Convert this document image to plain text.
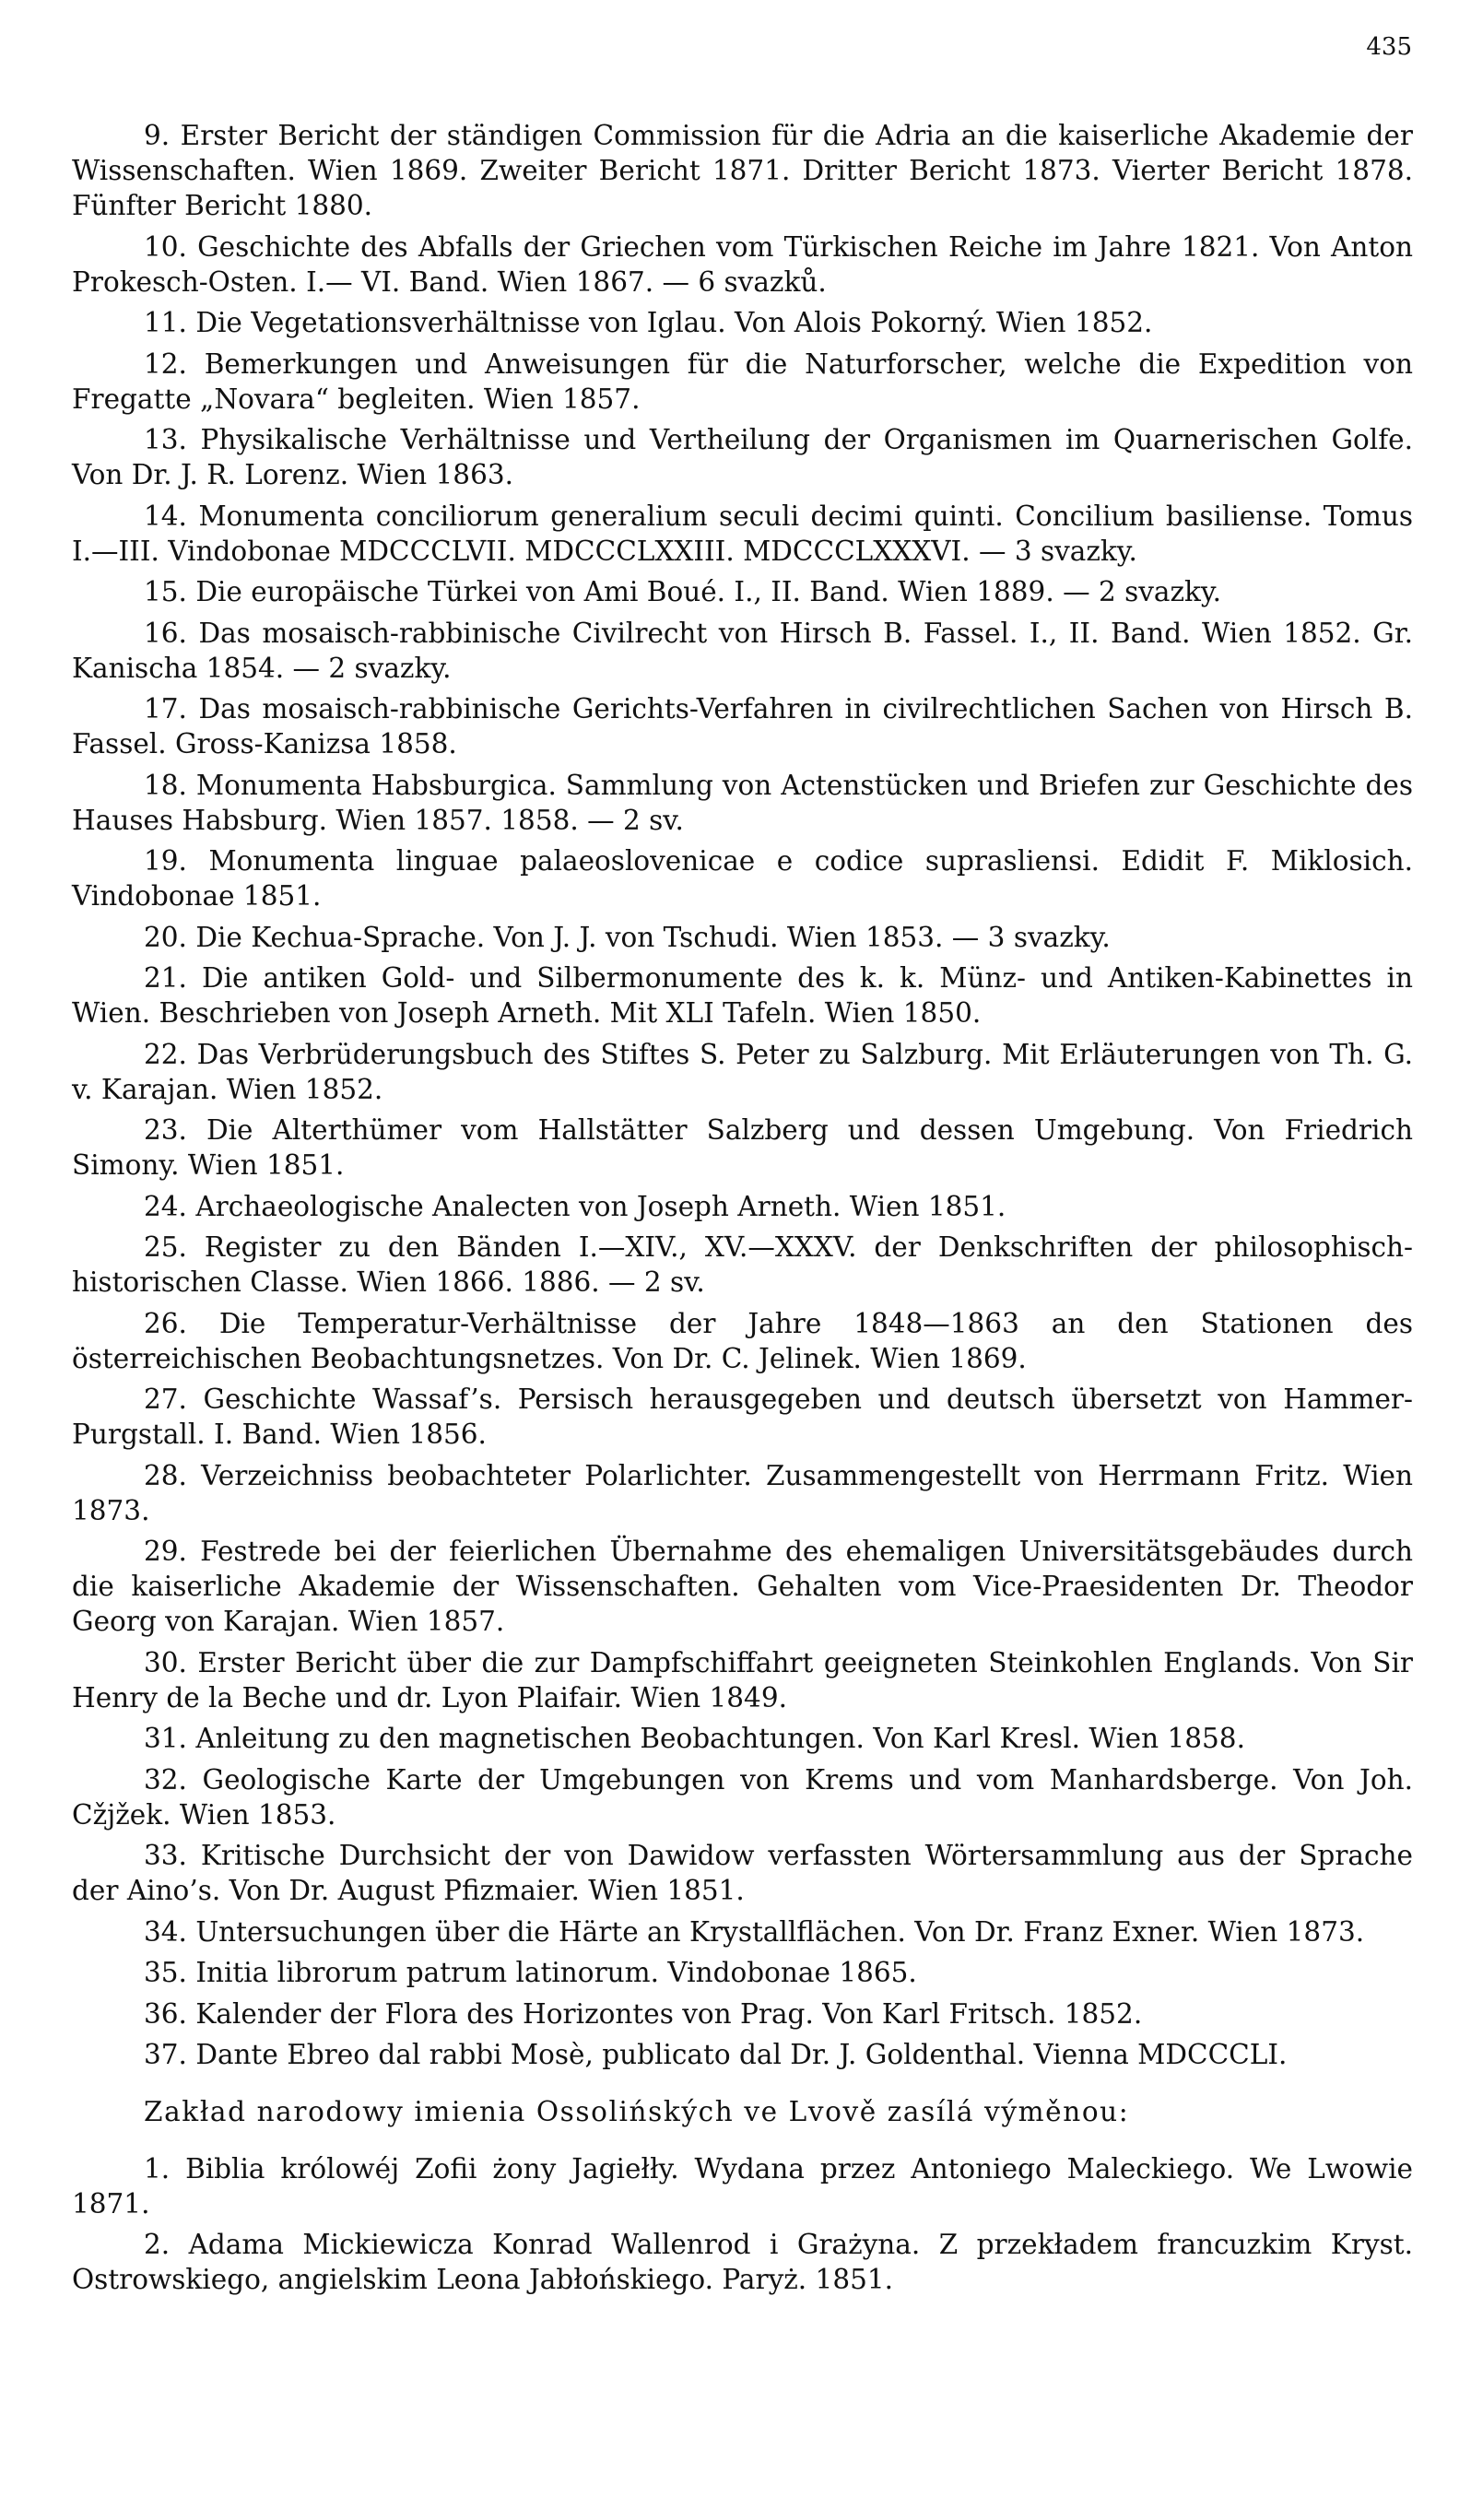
435

9. Erster Bericht der ständigen Commission für die Adria an die kaiserliche Akademie der Wissenschaften. Wien 1869. Zweiter Bericht 1871. Dritter Bericht 1873. Vierter Bericht 1878. Fünfter Bericht 1880.

10. Geschichte des Abfalls der Griechen vom Türkischen Reiche im Jahre 1821. Von Anton Prokesch-Osten. I.— VI. Band. Wien 1867. — 6 svazků.

11. Die Vegetationsverhältnisse von Iglau. Von Alois Pokorný. Wien 1852.

12. Bemerkungen und Anweisungen für die Naturforscher, welche die Expedition von Fregatte „Novara“ begleiten. Wien 1857.

13. Physikalische Verhältnisse und Vertheilung der Organismen im Quarnerischen Golfe. Von Dr. J. R. Lorenz. Wien 1863.

14. Monumenta conciliorum generalium seculi decimi quinti. Concilium basiliense. Tomus I.—III. Vindobonae MDCCCLVII. MDCCCLXXIII. MDCCCLXXXVI. — 3 svazky.

15. Die europäische Türkei von Ami Boué. I., II. Band. Wien 1889. — 2 svazky.

16. Das mosaisch-rabbinische Civilrecht von Hirsch B. Fassel. I., II. Band. Wien 1852. Gr. Kanischa 1854. — 2 svazky.

17. Das mosaisch-rabbinische Gerichts-Verfahren in civilrechtlichen Sachen von Hirsch B. Fassel. Gross-Kanizsa 1858.

18. Monumenta Habsburgica. Sammlung von Actenstücken und Briefen zur Geschichte des Hauses Habsburg. Wien 1857. 1858. — 2 sv.

19. Monumenta linguae palaeoslovenicae e codice suprasliensi. Edidit F. Miklosich. Vindobonae 1851.

20. Die Kechua-Sprache. Von J. J. von Tschudi. Wien 1853. — 3 svazky.

21. Die antiken Gold- und Silbermonumente des k. k. Münz- und Antiken-Kabinettes in Wien. Beschrieben von Joseph Arneth. Mit XLI Tafeln. Wien 1850.

22. Das Verbrüderungsbuch des Stiftes S. Peter zu Salzburg. Mit Erläuterungen von Th. G. v. Karajan. Wien 1852.

23. Die Alterthümer vom Hallstätter Salzberg und dessen Umgebung. Von Friedrich Simony. Wien 1851.

24. Archaeologische Analecten von Joseph Arneth. Wien 1851.

25. Register zu den Bänden I.—XIV., XV.—XXXV. der Denkschriften der philosophisch-historischen Classe. Wien 1866. 1886. — 2 sv.

26. Die Temperatur-Verhältnisse der Jahre 1848—1863 an den Stationen des österreichischen Beobachtungsnetzes. Von Dr. C. Jelinek. Wien 1869.

27. Geschichte Wassaf’s. Persisch herausgegeben und deutsch übersetzt von Hammer-Purgstall. I. Band. Wien 1856.

28. Verzeichniss beobachteter Polarlichter. Zusammengestellt von Herrmann Fritz. Wien 1873.

29. Festrede bei der feierlichen Übernahme des ehemaligen Universitätsgebäudes durch die kaiserliche Akademie der Wissenschaften. Gehalten vom Vice-Praesidenten Dr. Theodor Georg von Karajan. Wien 1857.

30. Erster Bericht über die zur Dampfschiffahrt geeigneten Steinkohlen Englands. Von Sir Henry de la Beche und dr. Lyon Plaifair. Wien 1849.

31. Anleitung zu den magnetischen Beobachtungen. Von Karl Kresl. Wien 1858.

32. Geologische Karte der Umgebungen von Krems und vom Manhardsberge. Von Joh. Cžjžek. Wien 1853.

33. Kritische Durchsicht der von Dawidow verfassten Wörtersammlung aus der Sprache der Aino’s. Von Dr. August Pfizmaier. Wien 1851.

34. Untersuchungen über die Härte an Krystallflächen. Von Dr. Franz Exner. Wien 1873.

35. Initia librorum patrum latinorum. Vindobonae 1865.

36. Kalender der Flora des Horizontes von Prag. Von Karl Fritsch. 1852.

37. Dante Ebreo dal rabbi Mosè, publicato dal Dr. J. Goldenthal. Vienna MDCCCLI.

Zakład narodowy imienia Ossolińských ve Lvově zasílá výměnou:

1. Biblia królowéj Zofii żony Jagiełły. Wydana przez Antoniego Maleckiego. We Lwowie 1871.

2. Adama Mickiewicza Konrad Wallenrod i Grażyna. Z przekładem francuzkim Kryst. Ostrowskiego, angielskim Leona Jabłońskiego. Paryż. 1851.
